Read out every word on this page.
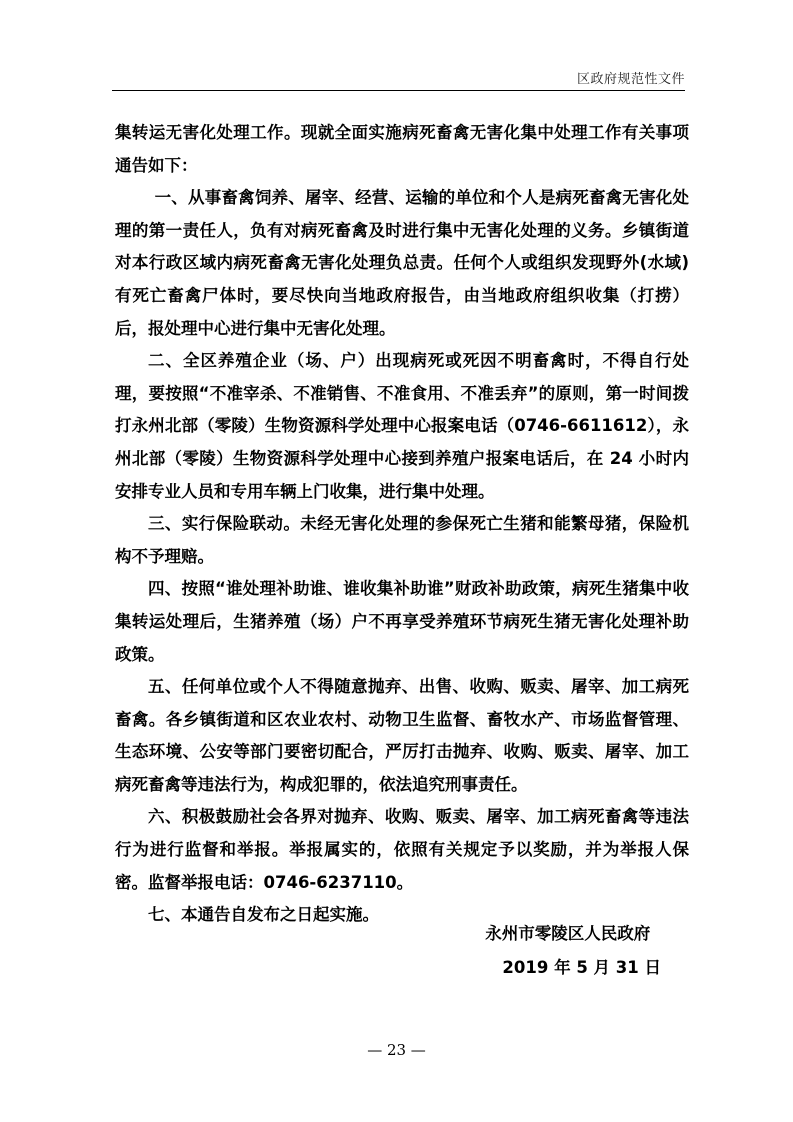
区政府规范性文件

集转运无害化处理工作。现就全面实施病死畜禽无害化集中处理工作有关事项通告如下：

一、从事畜禽饲养、屠宰、经营、运输的单位和个人是病死畜禽无害化处理的第一责任人，负有对病死畜禽及时进行集中无害化处理的义务。乡镇街道对本行政区域内病死畜禽无害化处理负总责。任何个人或组织发现野外(水域)有死亡畜禽尸体时，要尽快向当地政府报告，由当地政府组织收集（打捞）后，报处理中心进行集中无害化处理。

二、全区养殖企业（场、户）出现病死或死因不明畜禽时，不得自行处理，要按照“不准宰杀、不准销售、不准食用、不准丢弃”的原则，第一时间拨打永州北部（零陵）生物资源科学处理中心报案电话（0746-6611612），永州北部（零陵）生物资源科学处理中心接到养殖户报案电话后，在 24 小时内安排专业人员和专用车辆上门收集，进行集中处理。

三、实行保险联动。未经无害化处理的参保死亡生猪和能繁母猪，保险机构不予理赔。

四、按照“谁处理补助谁、谁收集补助谁”财政补助政策，病死生猪集中收集转运处理后，生猪养殖（场）户不再享受养殖环节病死生猪无害化处理补助政策。

五、任何单位或个人不得随意抛弃、出售、收购、贩卖、屠宰、加工病死畜禽。各乡镇街道和区农业农村、动物卫生监督、畜牧水产、市场监督管理、生态环境、公安等部门要密切配合，严厉打击抛弃、收购、贩卖、屠宰、加工病死畜禽等违法行为，构成犯罪的，依法追究刑事责任。

六、积极鼓励社会各界对抛弃、收购、贩卖、屠宰、加工病死畜禽等违法行为进行监督和举报。举报属实的，依照有关规定予以奖励，并为举报人保密。监督举报电话：0746-6237110。

七、本通告自发布之日起实施。

永州市零陵区人民政府
2019 年 5 月 31 日
— 23 —
